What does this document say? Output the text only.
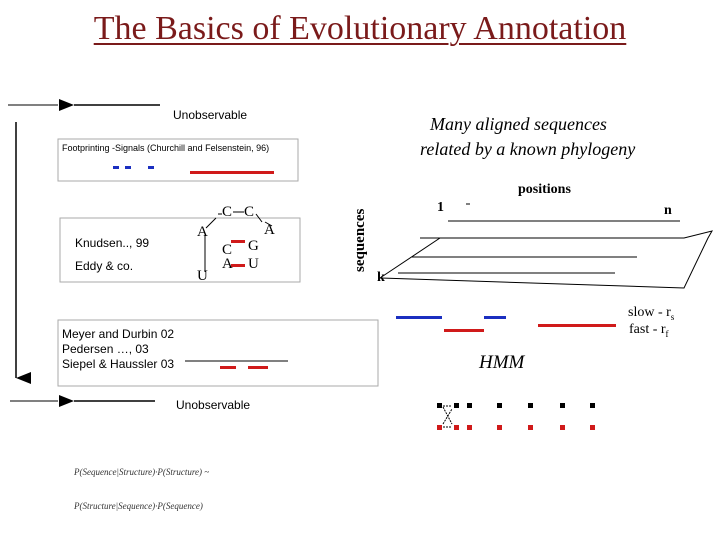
The Basics of Evolutionary Annotation
Unobservable
Footprinting -Signals (Churchill and Felsenstein, 96)
Knudsen.., 99
Eddy & co.
C C
A	A
C G
A U
U
Meyer and Durbin 02
Pedersen …, 03
Siepel & Haussler 03
Unobservable
Many aligned sequences
related by a known phylogeny
positions
1	n
k
sequences
slow - $r_s$
fast - $r_f$
HMM
P(Sequence|Structure)·P(Structure) ~
P(Structure|Sequence)·P(Sequence)
